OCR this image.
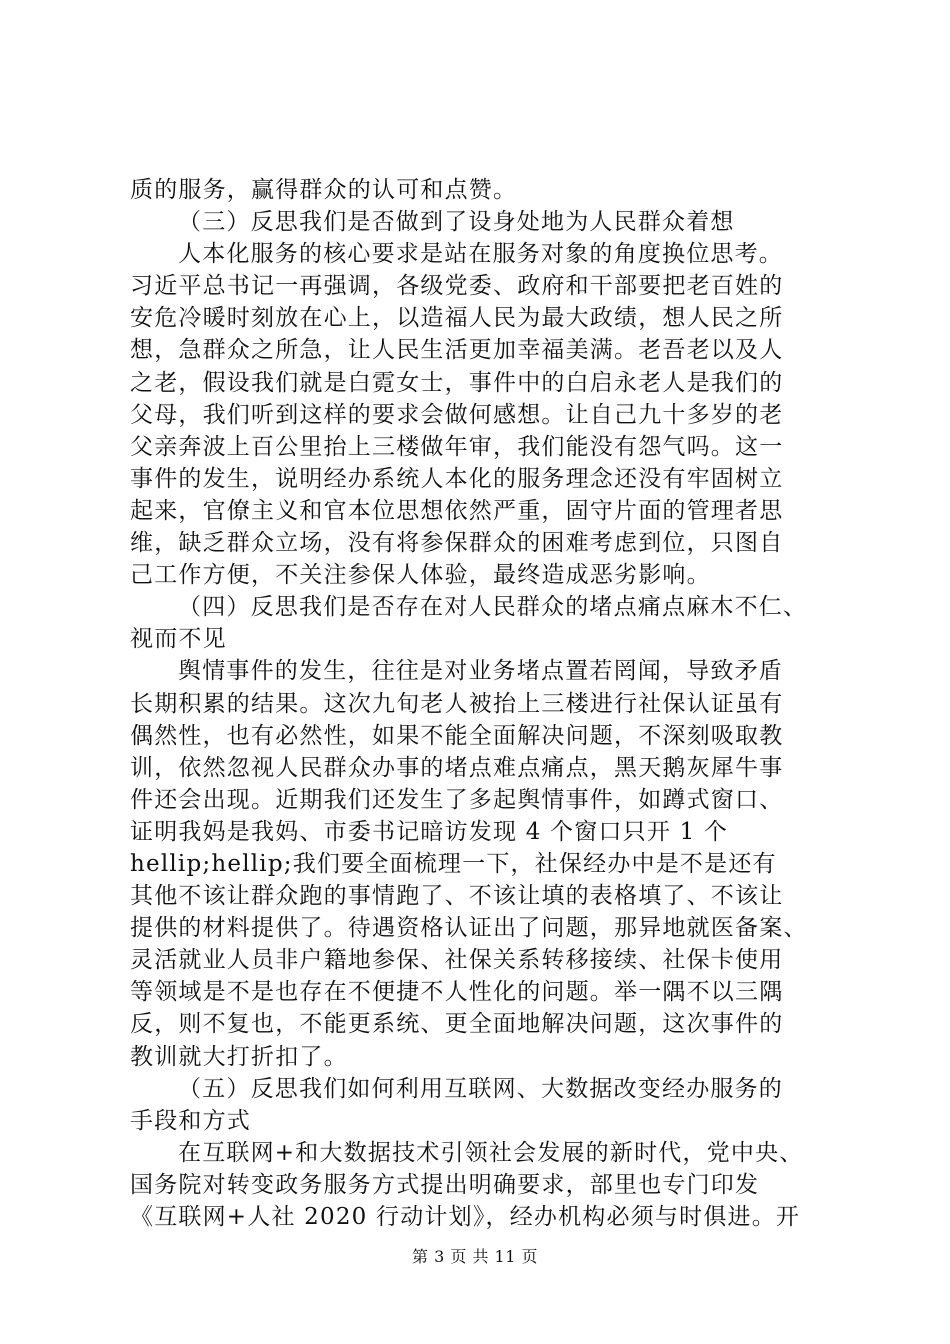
质的服务，赢得群众的认可和点赞。
（三）反思我们是否做到了设身处地为人民群众着想
人本化服务的核心要求是站在服务对象的角度换位思考。
习近平总书记一再强调，各级党委、政府和干部要把老百姓的
安危冷暖时刻放在心上，以造福人民为最大政绩，想人民之所
想，急群众之所急，让人民生活更加幸福美满。老吾老以及人
之老，假设我们就是白霓女士，事件中的白启永老人是我们的
父母，我们听到这样的要求会做何感想。让自己九十多岁的老
父亲奔波上百公里抬上三楼做年审，我们能没有怨气吗。这一
事件的发生，说明经办系统人本化的服务理念还没有牢固树立
起来，官僚主义和官本位思想依然严重，固守片面的管理者思
维，缺乏群众立场，没有将参保群众的困难考虑到位，只图自
己工作方便，不关注参保人体验，最终造成恶劣影响。
（四）反思我们是否存在对人民群众的堵点痛点麻木不仁、
视而不见
舆情事件的发生，往往是对业务堵点置若罔闻，导致矛盾
长期积累的结果。这次九旬老人被抬上三楼进行社保认证虽有
偶然性，也有必然性，如果不能全面解决问题，不深刻吸取教
训，依然忽视人民群众办事的堵点难点痛点，黑天鹅灰犀牛事
件还会出现。近期我们还发生了多起舆情事件，如蹲式窗口、
证明我妈是我妈、市委书记暗访发现 4 个窗口只开 1 个
hellip;hellip;我们要全面梳理一下，社保经办中是不是还有
其他不该让群众跑的事情跑了、不该让填的表格填了、不该让
提供的材料提供了。待遇资格认证出了问题，那异地就医备案、
灵活就业人员非户籍地参保、社保关系转移接续、社保卡使用
等领域是不是也存在不便捷不人性化的问题。举一隅不以三隅
反，则不复也，不能更系统、更全面地解决问题，这次事件的
教训就大打折扣了。
（五）反思我们如何利用互联网、大数据改变经办服务的
手段和方式
在互联网+和大数据技术引领社会发展的新时代，党中央、
国务院对转变政务服务方式提出明确要求，部里也专门印发
《互联网+人社 2020 行动计划》，经办机构必须与时俱进。开
第 3 页 共 11 页
